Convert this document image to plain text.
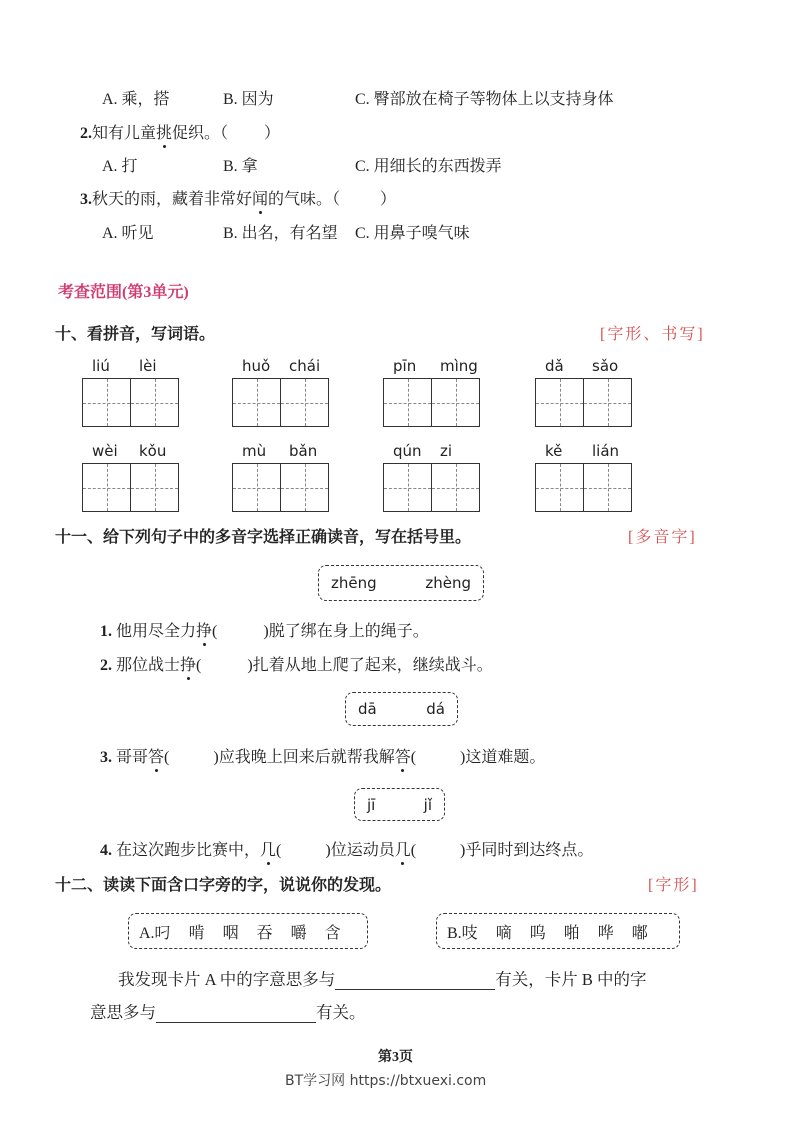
A. 乘，搭	B. 因为	C. 臀部放在椅子等物体上以支持身体
2.知有儿童挑促织。（ ）
A. 打	B. 拿	C. 用细长的东西拨弄
3.秋天的雨，藏着非常好闻的气味。（	）
A. 听见	B. 出名，有名望 C. 用鼻子嗅气味
考查范围(第3单元)
十、看拼音，写词语。	[字形、书写]
liú lèi	huǒ chái	pīn mìng	dǎ sǎo
wèi kǒu	mù bǎn	qún zi	kě lián
十一、给下列句子中的多音字选择正确读音，写在括号里。	[多音字]
zhēng	zhèng
1. 他用尽全力挣(	)脱了绑在身上的绳子。
2. 那位战士挣(	)扎着从地上爬了起来，继续战斗。
dā	dá
3. 哥哥答(	)应我晚上回来后就帮我解答(	)这道难题。
jī	jǐ
4. 在这次跑步比赛中，几(	)位运动员几(	)乎同时到达终点。
十二、读读下面含口字旁的字，说说你的发现。	[字形]
A.叼 啃 咽 吞 嚼 含	B.吱 嘀 呜 啪 哗 嘟
我发现卡片 A 中的字意思多与	有关，卡片 B 中的字
意思多与	有关。
第3页
BT学习网 https://btxuexi.com
